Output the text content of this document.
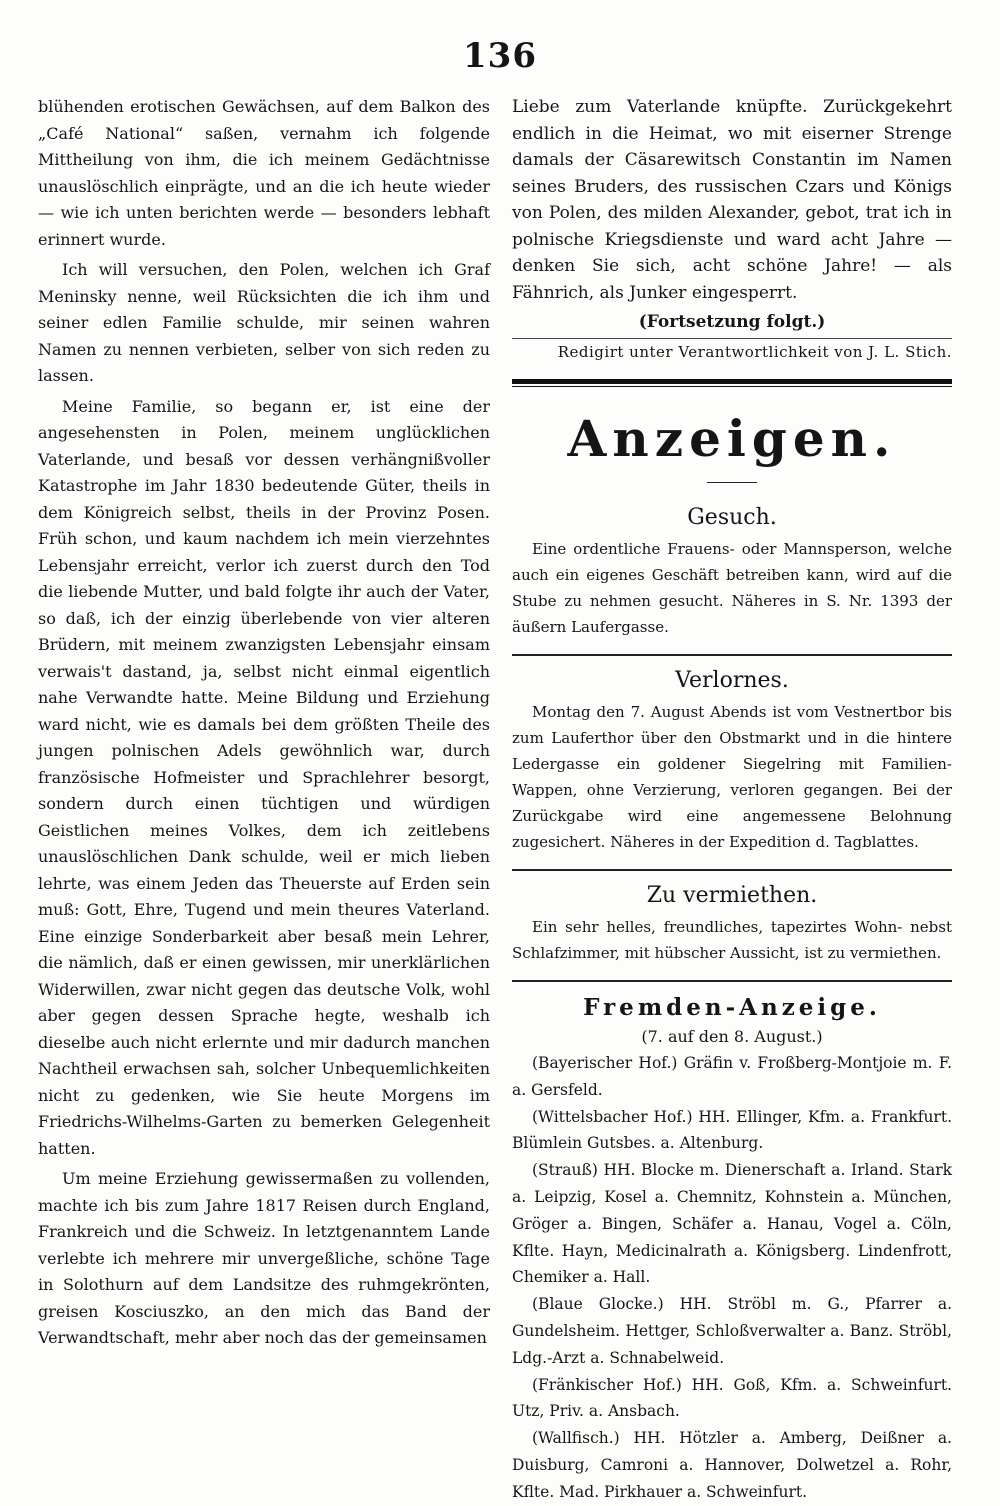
136

blühenden erotischen Gewächsen, auf dem Balkon des „Café National“ saßen, vernahm ich folgende Mittheilung von ihm, die ich meinem Gedächtnisse unauslöschlich einprägte, und an die ich heute wieder — wie ich unten berichten werde — besonders lebhaft erinnert wurde.

Ich will versuchen, den Polen, welchen ich Graf Meninsky nenne, weil Rücksichten die ich ihm und seiner edlen Familie schulde, mir seinen wahren Namen zu nennen verbieten, selber von sich reden zu lassen.

Meine Familie, so begann er, ist eine der angesehensten in Polen, meinem unglücklichen Vaterlande, und besaß vor dessen verhängnißvoller Katastrophe im Jahr 1830 bedeutende Güter, theils in dem Königreich selbst, theils in der Provinz Posen. Früh schon, und kaum nachdem ich mein vierzehntes Lebensjahr erreicht, verlor ich zuerst durch den Tod die liebende Mutter, und bald folgte ihr auch der Vater, so daß, ich der einzig überlebende von vier alteren Brüdern, mit meinem zwanzigsten Lebensjahr einsam verwais't dastand, ja, selbst nicht einmal eigentlich nahe Verwandte hatte. Meine Bildung und Erziehung ward nicht, wie es damals bei dem größten Theile des jungen polnischen Adels gewöhnlich war, durch französische Hofmeister und Sprachlehrer besorgt, sondern durch einen tüchtigen und würdigen Geistlichen meines Volkes, dem ich zeitlebens unauslöschlichen Dank schulde, weil er mich lieben lehrte, was einem Jeden das Theuerste auf Erden sein muß: Gott, Ehre, Tugend und mein theures Vaterland. Eine einzige Sonderbarkeit aber besaß mein Lehrer, die nämlich, daß er einen gewissen, mir unerklärlichen Widerwillen, zwar nicht gegen das deutsche Volk, wohl aber gegen dessen Sprache hegte, weshalb ich dieselbe auch nicht erlernte und mir dadurch manchen Nachtheil erwachsen sah, solcher Unbequemlichkeiten nicht zu gedenken, wie Sie heute Morgens im Friedrichs-Wilhelms-Garten zu bemerken Gelegenheit hatten.

Um meine Erziehung gewissermaßen zu vollenden, machte ich bis zum Jahre 1817 Reisen durch England, Frankreich und die Schweiz. In letztgenanntem Lande verlebte ich mehrere mir unvergeßliche, schöne Tage in Solothurn auf dem Landsitze des ruhmgekrönten, greisen Kosciuszko, an den mich das Band der Verwandtschaft, mehr aber noch das der gemeinsamen

Liebe zum Vaterlande knüpfte. Zurückgekehrt endlich in die Heimat, wo mit eiserner Strenge damals der Cäsarewitsch Constantin im Namen seines Bruders, des russischen Czars und Königs von Polen, des milden Alexander, gebot, trat ich in polnische Kriegsdienste und ward acht Jahre — denken Sie sich, acht schöne Jahre! — als Fähnrich, als Junker eingesperrt.

(Fortsetzung folgt.)

Redigirt unter Verantwortlichkeit von J. L. Stich.

Anzeigen.
Gesuch.

Eine ordentliche Frauens- oder Mannsperson, welche auch ein eigenes Geschäft betreiben kann, wird auf die Stube zu nehmen gesucht. Näheres in S. Nr. 1393 der äußern Laufergasse.

Verlornes.

Montag den 7. August Abends ist vom Vestnertbor bis zum Lauferthor über den Obstmarkt und in die hintere Ledergasse ein goldener Siegelring mit Familien-Wappen, ohne Verzierung, verloren gegangen. Bei der Zurückgabe wird eine angemessene Belohnung zugesichert. Näheres in der Expedition d. Tagblattes.

Zu vermiethen.

Ein sehr helles, freundliches, tapezirtes Wohn- nebst Schlafzimmer, mit hübscher Aussicht, ist zu vermiethen.

Fremden-Anzeige.
(7. auf den 8. August.)

(Bayerischer Hof.) Gräfin v. Froßberg-Montjoie m. F. a. Gersfeld.

(Wittelsbacher Hof.) HH. Ellinger, Kfm. a. Frankfurt. Blümlein Gutsbes. a. Altenburg.

(Strauß) HH. Blocke m. Dienerschaft a. Irland. Stark a. Leipzig, Kosel a. Chemnitz, Kohnstein a. München, Gröger a. Bingen, Schäfer a. Hanau, Vogel a. Cöln, Kflte. Hayn, Medicinalrath a. Königsberg. Lindenfrott, Chemiker a. Hall.

(Blaue Glocke.) HH. Ströbl m. G., Pfarrer a. Gundelsheim. Hettger, Schloßverwalter a. Banz. Ströbl, Ldg.-Arzt a. Schnabelweid.

(Fränkischer Hof.) HH. Goß, Kfm. a. Schweinfurt. Utz, Priv. a. Ansbach.

(Wallfisch.) HH. Hötzler a. Amberg, Deißner a. Duisburg, Camroni a. Hannover, Dolwetzel a. Rohr, Kflte. Mad. Pirkhauer a. Schweinfurt.
